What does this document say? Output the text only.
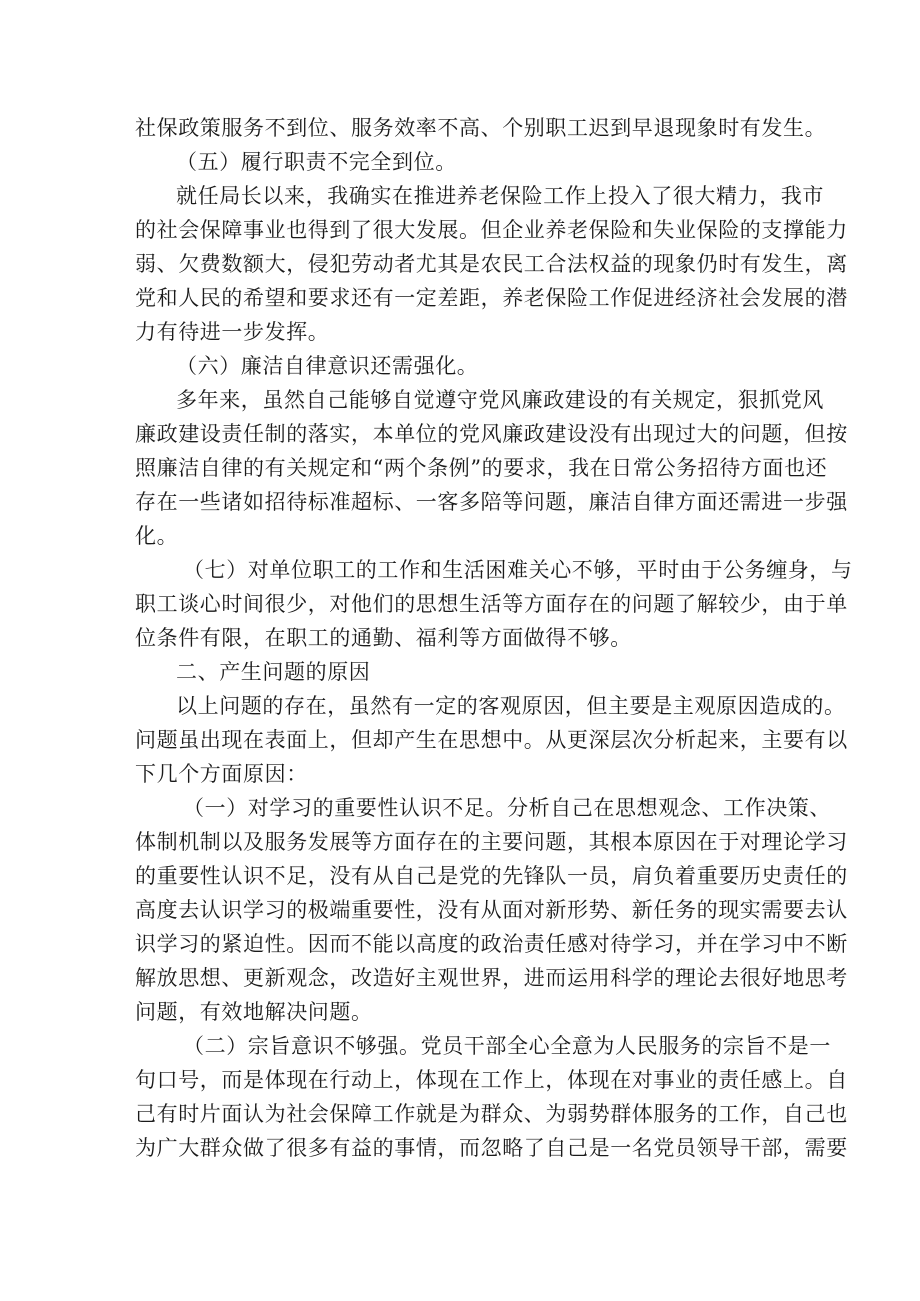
社保政策服务不到位、服务效率不高、个别职工迟到早退现象时有发生。
（五）履行职责不完全到位。
就任局长以来，我确实在推进养老保险工作上投入了很大精力，我市
的社会保障事业也得到了很大发展。但企业养老保险和失业保险的支撑能力
弱、欠费数额大，侵犯劳动者尤其是农民工合法权益的现象仍时有发生，离
党和人民的希望和要求还有一定差距，养老保险工作促进经济社会发展的潜
力有待进一步发挥。
（六）廉洁自律意识还需强化。
多年来，虽然自己能够自觉遵守党风廉政建设的有关规定，狠抓党风
廉政建设责任制的落实，本单位的党风廉政建设没有出现过大的问题，但按
照廉洁自律的有关规定和“两个条例”的要求，我在日常公务招待方面也还
存在一些诸如招待标准超标、一客多陪等问题，廉洁自律方面还需进一步强
化。
（七）对单位职工的工作和生活困难关心不够，平时由于公务缠身，与
职工谈心时间很少，对他们的思想生活等方面存在的问题了解较少，由于单
位条件有限，在职工的通勤、福利等方面做得不够。
二、产生问题的原因
以上问题的存在，虽然有一定的客观原因，但主要是主观原因造成的。
问题虽出现在表面上，但却产生在思想中。从更深层次分析起来，主要有以
下几个方面原因：
（一）对学习的重要性认识不足。分析自己在思想观念、工作决策、
体制机制以及服务发展等方面存在的主要问题，其根本原因在于对理论学习
的重要性认识不足，没有从自己是党的先锋队一员，肩负着重要历史责任的
高度去认识学习的极端重要性，没有从面对新形势、新任务的现实需要去认
识学习的紧迫性。因而不能以高度的政治责任感对待学习，并在学习中不断
解放思想、更新观念，改造好主观世界，进而运用科学的理论去很好地思考
问题，有效地解决问题。
（二）宗旨意识不够强。党员干部全心全意为人民服务的宗旨不是一
句口号，而是体现在行动上，体现在工作上，体现在对事业的责任感上。自
己有时片面认为社会保障工作就是为群众、为弱势群体服务的工作，自己也
为广大群众做了很多有益的事情，而忽略了自己是一名党员领导干部，需要
